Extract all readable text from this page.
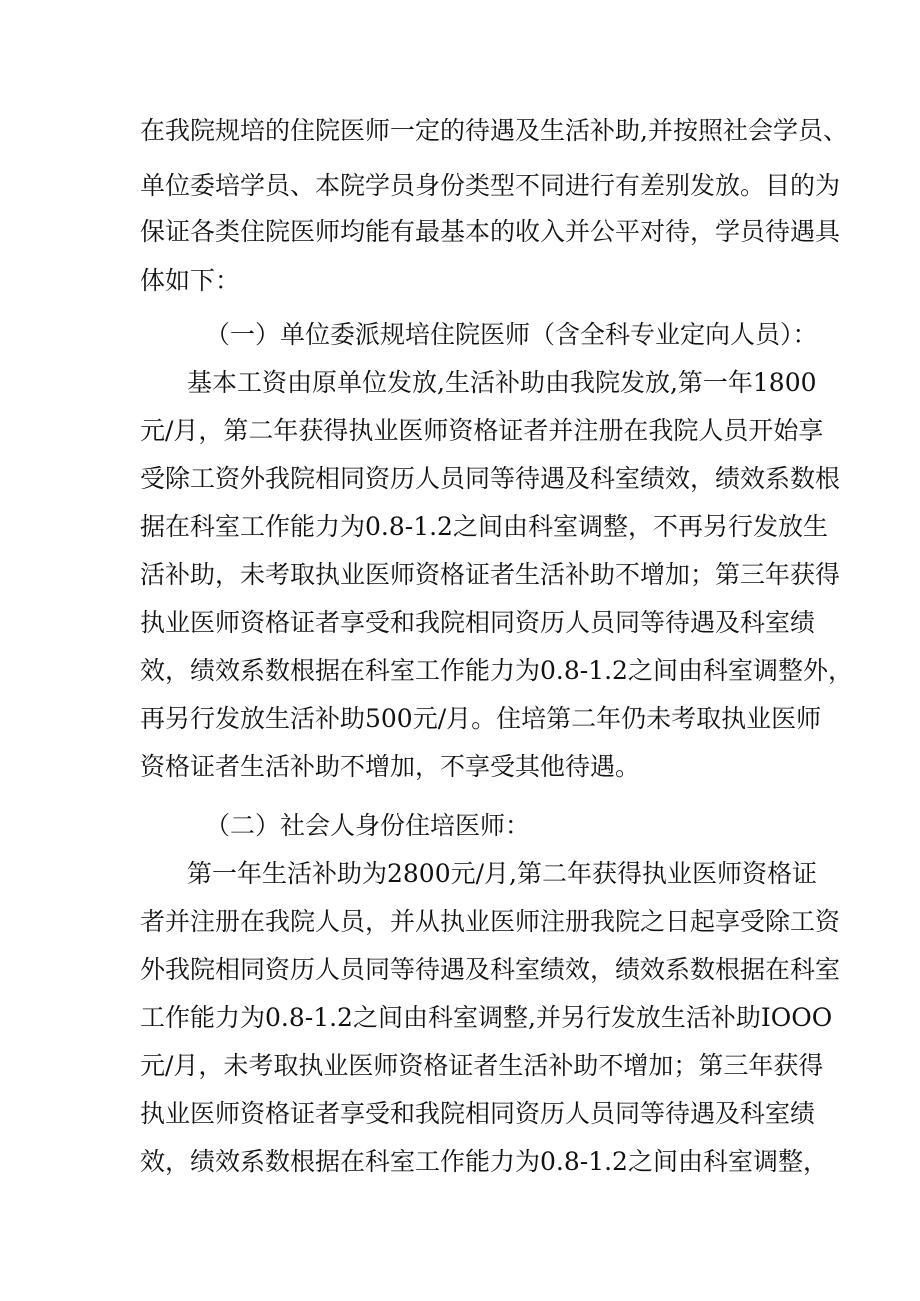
在我院规培的住院医师一定的待遇及生活补助,并按照社会学员、
单位委培学员、本院学员身份类型不同进行有差别发放。目的为
保证各类住院医师均能有最基本的收入并公平对待，学员待遇具
体如下：
（一）单位委派规培住院医师（含全科专业定向人员）：
基本工资由原单位发放,生活补助由我院发放,第一年1800
元/月，第二年获得执业医师资格证者并注册在我院人员开始享
受除工资外我院相同资历人员同等待遇及科室绩效，绩效系数根
据在科室工作能力为0.8-1.2之间由科室调整，不再另行发放生
活补助，未考取执业医师资格证者生活补助不增加；第三年获得
执业医师资格证者享受和我院相同资历人员同等待遇及科室绩
效，绩效系数根据在科室工作能力为0.8-1.2之间由科室调整外，
再另行发放生活补助500元/月。住培第二年仍未考取执业医师
资格证者生活补助不增加，不享受其他待遇。
（二）社会人身份住培医师：
第一年生活补助为2800元/月,第二年获得执业医师资格证
者并注册在我院人员，并从执业医师注册我院之日起享受除工资
外我院相同资历人员同等待遇及科室绩效，绩效系数根据在科室
工作能力为0.8-1.2之间由科室调整,并另行发放生活补助IOOO
元/月，未考取执业医师资格证者生活补助不增加；第三年获得
执业医师资格证者享受和我院相同资历人员同等待遇及科室绩
效，绩效系数根据在科室工作能力为0.8-1.2之间由科室调整，
